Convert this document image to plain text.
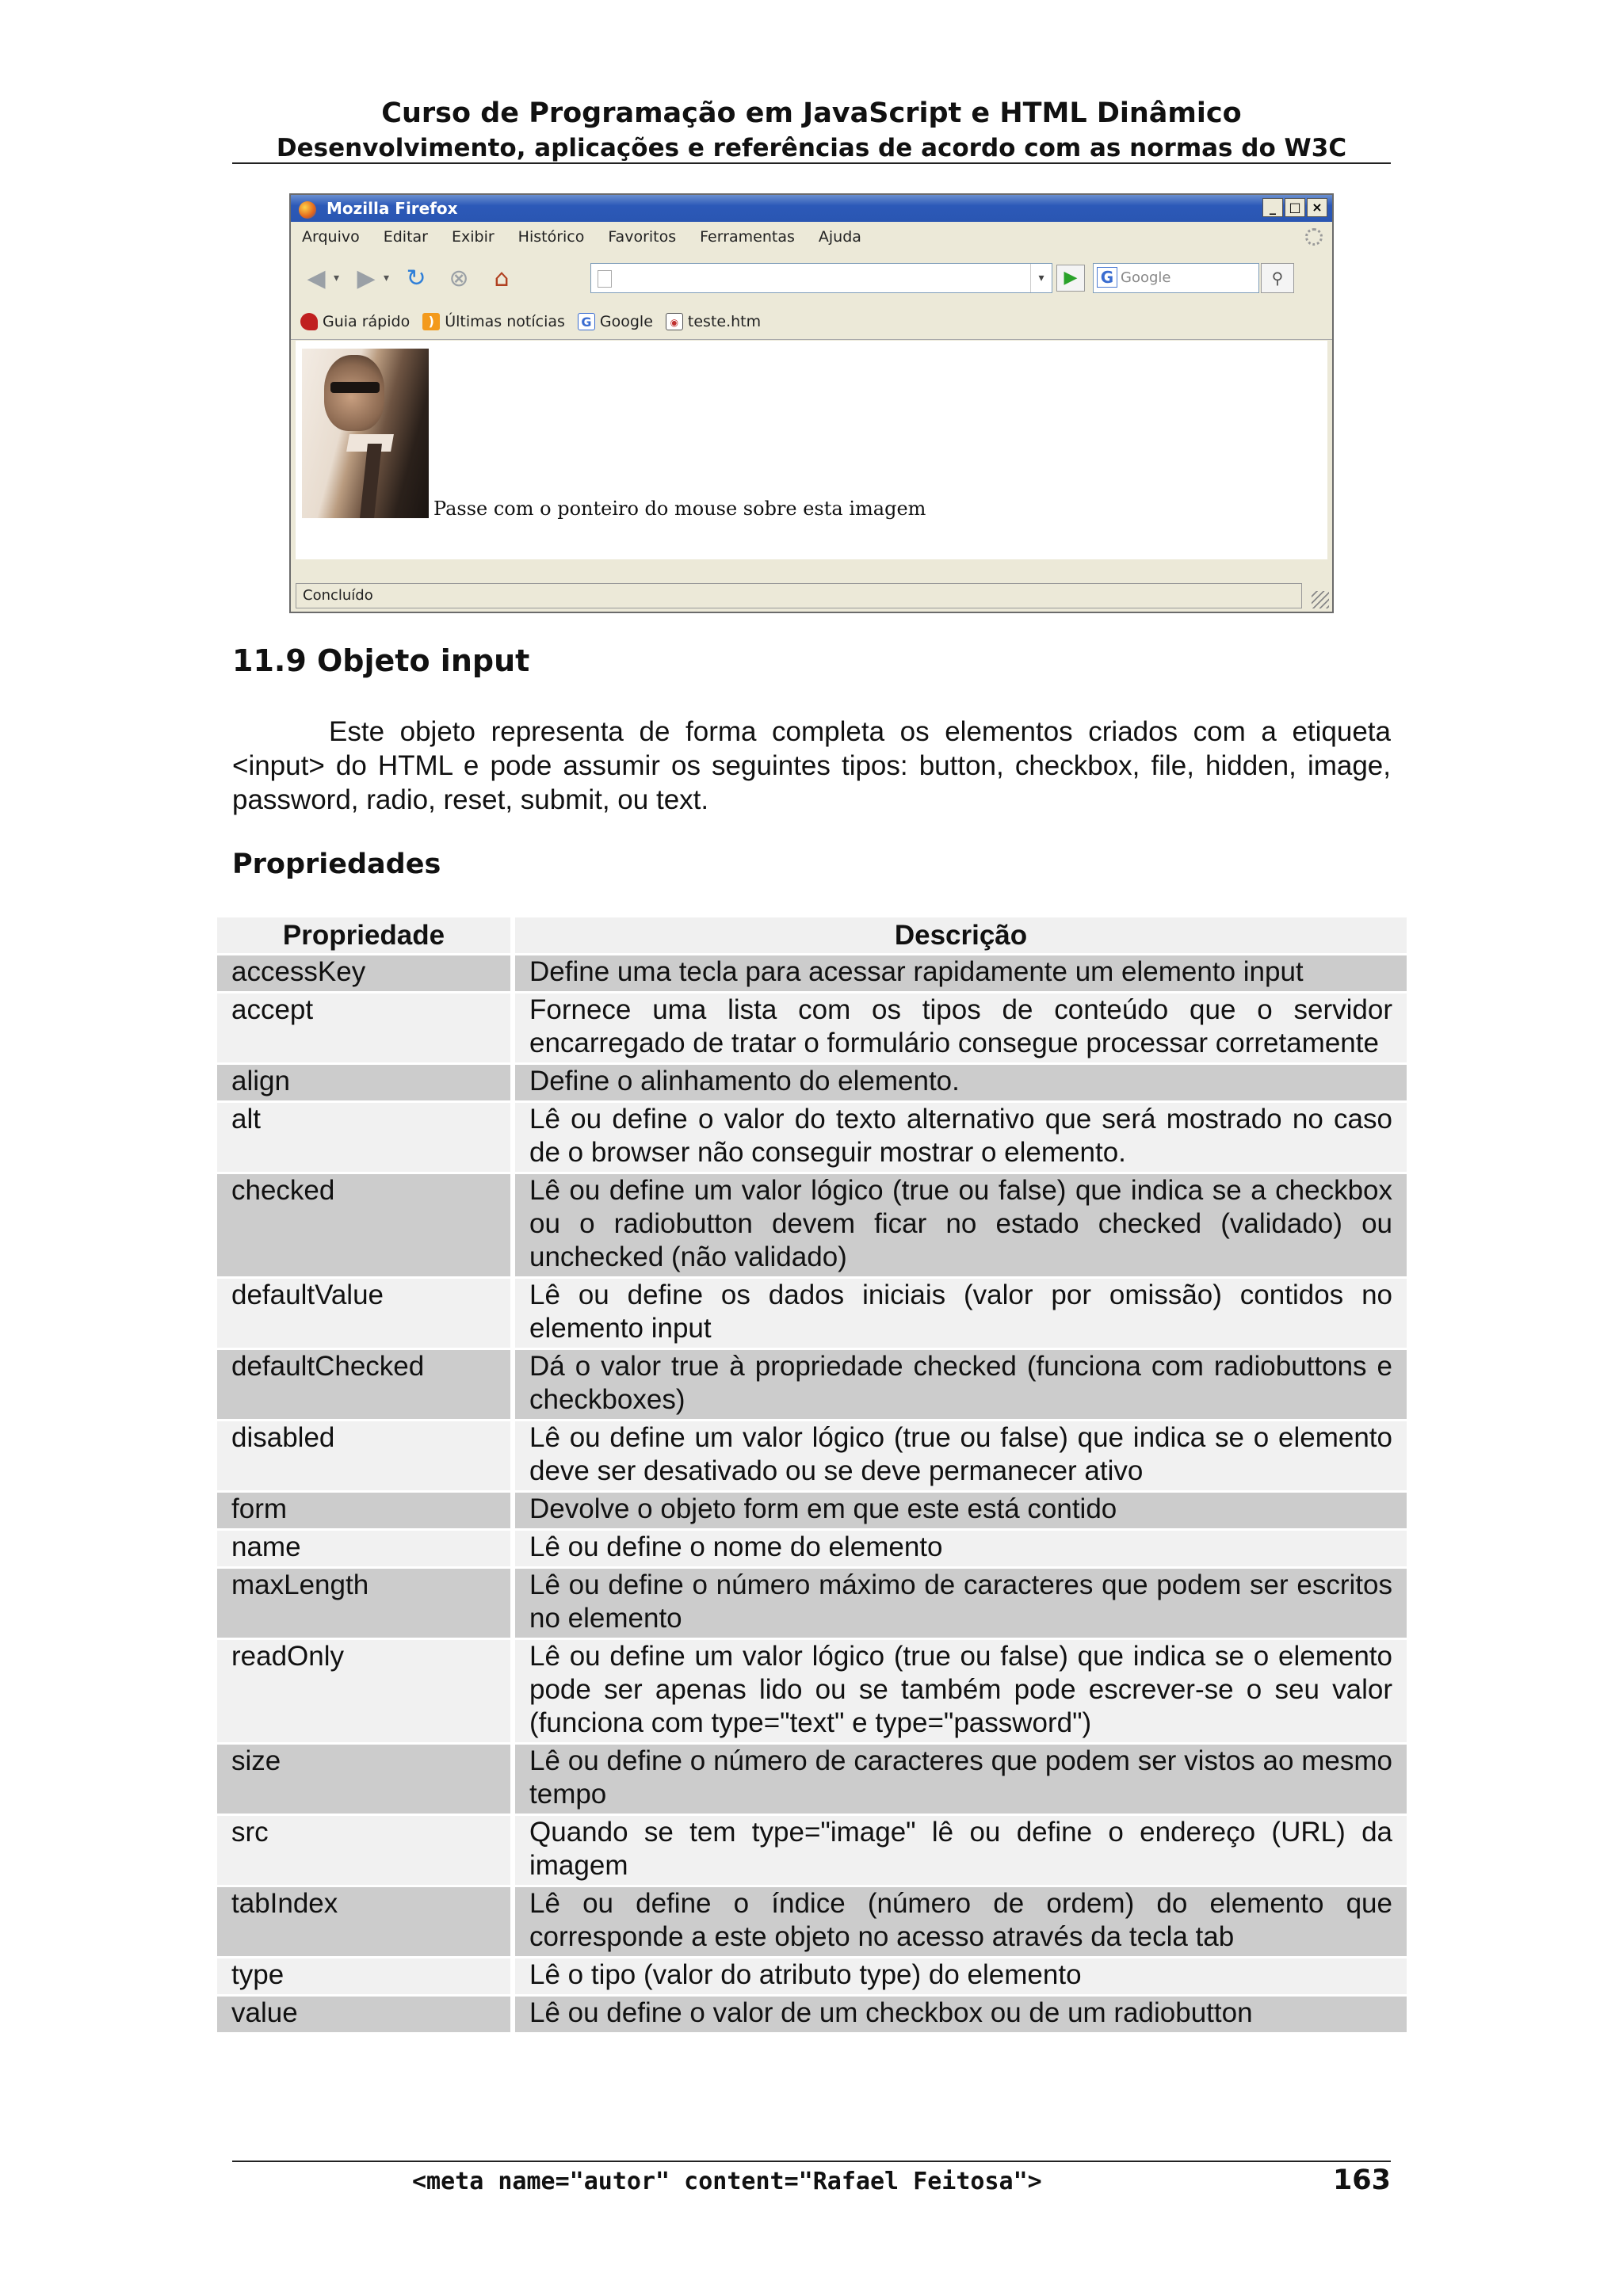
Curso de Programação em JavaScript e HTML Dinâmico
Desenvolvimento, aplicações e referências de acordo com as normas do W3C
Mozilla Firefox	_	□ ×
Arquivo Editar Exibir Histórico Favoritos Ferramentas Ajuda
◀ ▾ ▶ ▾ ↻ ⊗	⌂	▾	▶	G Google	⚲
Guia rápido	) Últimas notícias G Google	◉ teste.htm
Passe com o ponteiro do mouse sobre esta imagem
Concluído
11.9 Objeto input

Este objeto representa de forma completa os elementos criados com a etiqueta <input> do HTML e pode assumir os seguintes tipos: button, checkbox, file, hidden, image, password, radio, reset, submit, ou text.

Propriedades
Propriedade	Descrição
accessKey	Define uma tecla para acessar rapidamente um elemento input
accept	Fornece uma lista com os tipos de conteúdo que o servidor encarregado de tratar o formulário consegue processar corretamente
align	Define o alinhamento do elemento.
alt	Lê ou define o valor do texto alternativo que será mostrado no caso de o browser não conseguir mostrar o elemento.
checked	Lê ou define um valor lógico (true ou false) que indica se a checkbox ou o radiobutton devem ficar no estado checked (validado) ou unchecked (não validado)
defaultValue	Lê ou define os dados iniciais (valor por omissão) contidos no elemento input
defaultChecked	Dá o valor true à propriedade checked (funciona com radiobuttons e checkboxes)
disabled	Lê ou define um valor lógico (true ou false) que indica se o elemento deve ser desativado ou se deve permanecer ativo
form	Devolve o objeto form em que este está contido
name	Lê ou define o nome do elemento
maxLength	Lê ou define o número máximo de caracteres que podem ser escritos no elemento
readOnly	Lê ou define um valor lógico (true ou false) que indica se o elemento pode ser apenas lido ou se também pode escrever-se o seu valor (funciona com type="text" e type="password")
size	Lê ou define o número de caracteres que podem ser vistos ao mesmo tempo
src	Quando se tem type="image" lê ou define o endereço (URL) da imagem
tabIndex	Lê ou define o índice (número de ordem) do elemento que corresponde a este objeto no acesso através da tecla tab
type	Lê o tipo (valor do atributo type) do elemento
value	Lê ou define o valor de um checkbox ou de um radiobutton
<meta name="autor" content="Rafael Feitosa">	163
